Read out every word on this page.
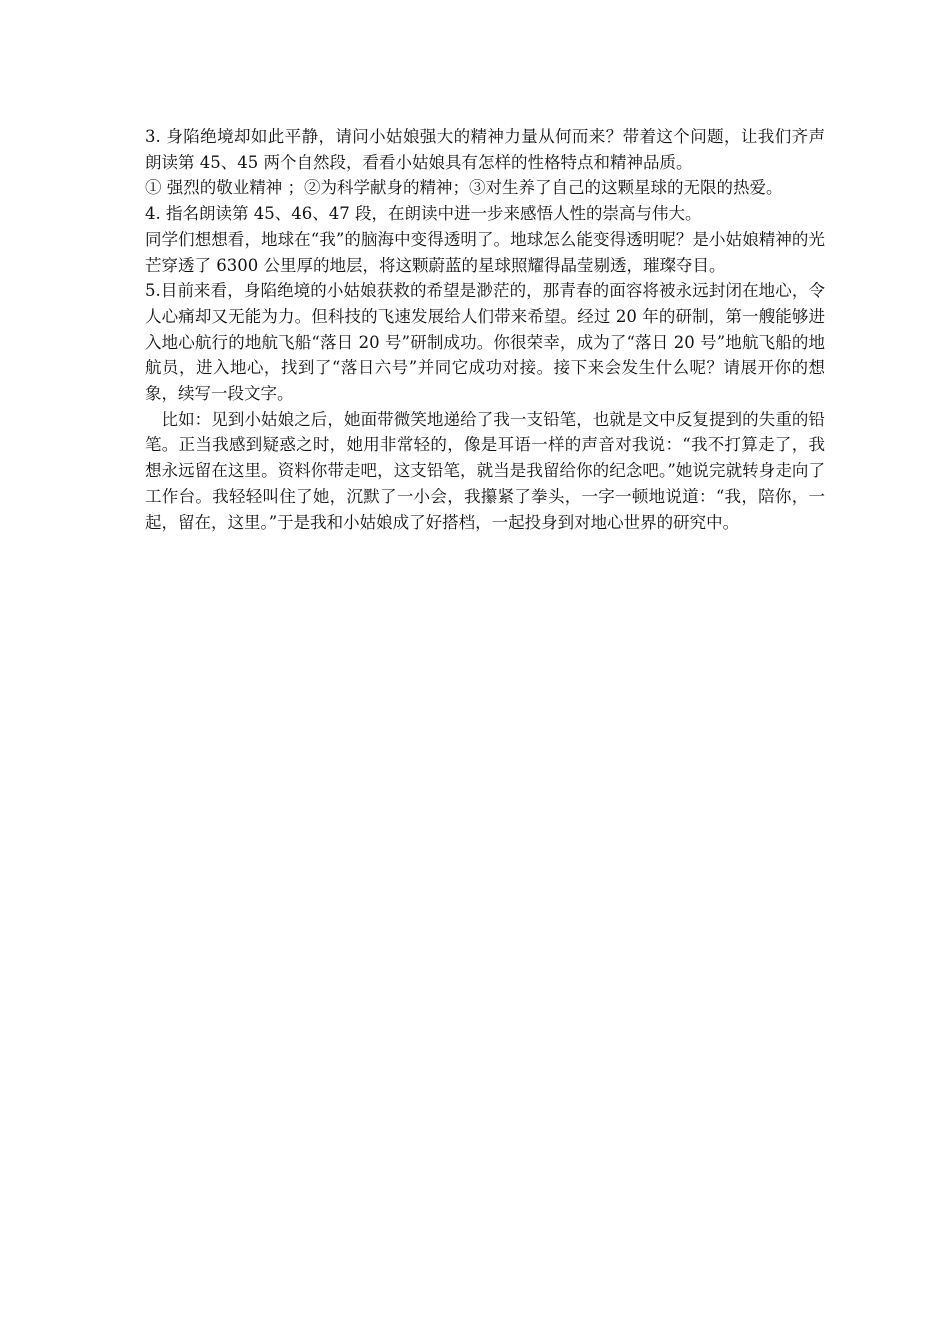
3. 身陷绝境却如此平静，请问小姑娘强大的精神力量从何而来？带着这个问题，让我们齐声朗读第 45、45 两个自然段，看看小姑娘具有怎样的性格特点和精神品质。

① 强烈的敬业精神 ；②为科学献身的精神；③对生养了自己的这颗星球的无限的热爱。

4. 指名朗读第 45、46、47 段，在朗读中进一步来感悟人性的崇高与伟大。

同学们想想看，地球在“我”的脑海中变得透明了。地球怎么能变得透明呢？是小姑娘精神的光芒穿透了 6300 公里厚的地层，将这颗蔚蓝的星球照耀得晶莹剔透，璀璨夺目。

5.目前来看，身陷绝境的小姑娘获救的希望是渺茫的，那青春的面容将被永远封闭在地心，令人心痛却又无能为力。但科技的飞速发展给人们带来希望。经过 20 年的研制，第一艘能够进入地心航行的地航飞船“落日 20 号”研制成功。你很荣幸，成为了“落日 20 号”地航飞船的地航员，进入地心，找到了“落日六号”并同它成功对接。接下来会发生什么呢？请展开你的想象，续写一段文字。

比如：见到小姑娘之后，她面带微笑地递给了我一支铅笔，也就是文中反复提到的失重的铅笔。正当我感到疑惑之时，她用非常轻的，像是耳语一样的声音对我说：“我不打算走了，我想永远留在这里。资料你带走吧，这支铅笔，就当是我留给你的纪念吧。”她说完就转身走向了工作台。我轻轻叫住了她，沉默了一小会，我攥紧了拳头，一字一顿地说道：“我，陪你，一起，留在，这里。”于是我和小姑娘成了好搭档，一起投身到对地心世界的研究中。
